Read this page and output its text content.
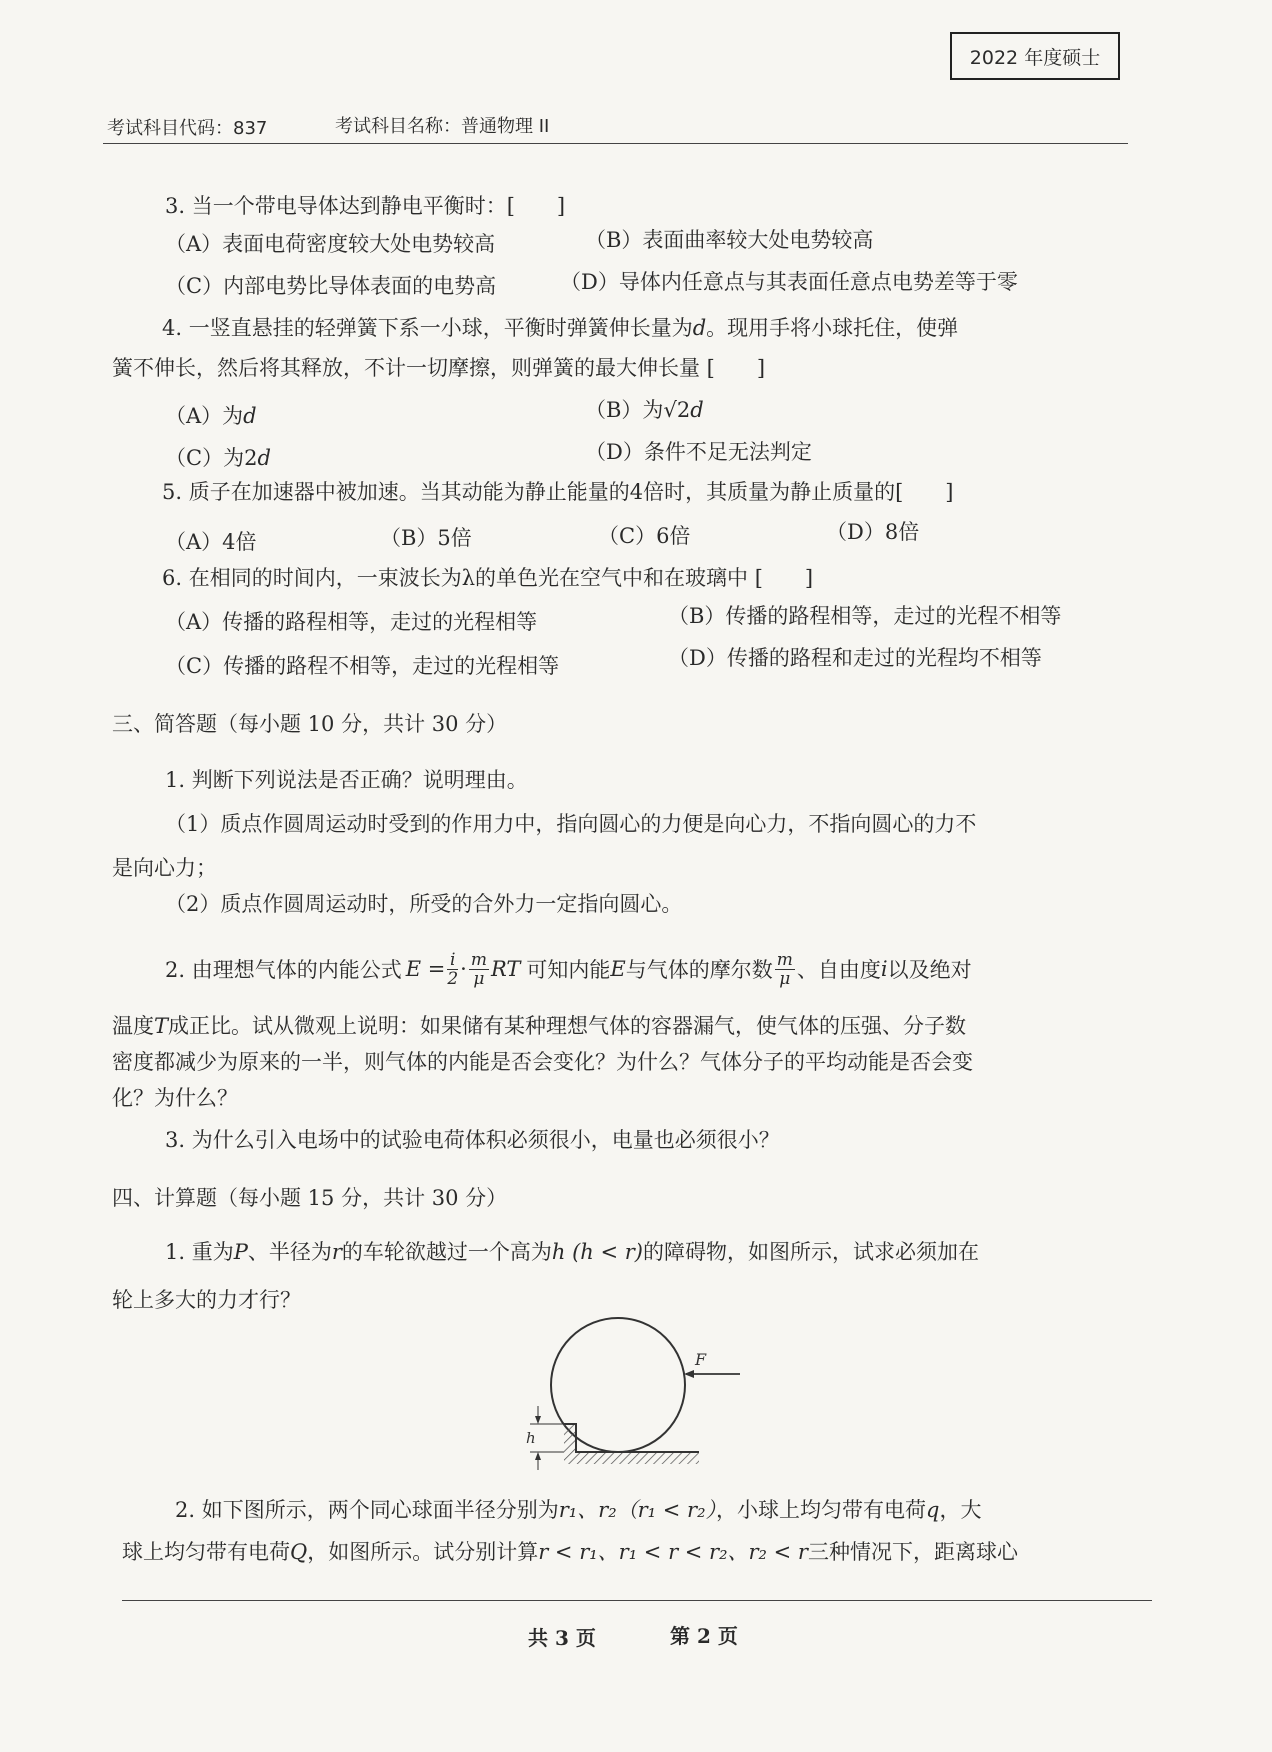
2022 年度硕士
考试科目代码：837	考试科目名称：普通物理 II
3. 当一个带电导体达到静电平衡时：[　　]
（A）表面电荷密度较大处电势较高	（B）表面曲率较大处电势较高
（C）内部电势比导体表面的电势高	（D）导体内任意点与其表面任意点电势差等于零
4. 一竖直悬挂的轻弹簧下系一小球，平衡时弹簧伸长量为d。现用手将小球托住，使弹
簧不伸长，然后将其释放，不计一切摩擦，则弹簧的最大伸长量 [　　]
（A）为d	（B）为√2d
（C）为2d	（D）条件不足无法判定
5. 质子在加速器中被加速。当其动能为静止能量的4倍时，其质量为静止质量的[　　]
（A）4倍	（B）5倍	（C）6倍	（D）8倍
6. 在相同的时间内，一束波长为λ的单色光在空气中和在玻璃中 [　　]
（A）传播的路程相等，走过的光程相等	（B）传播的路程相等，走过的光程不相等
（C）传播的路程不相等，走过的光程相等	（D）传播的路程和走过的光程均不相等
三、简答题（每小题 10 分，共计 30 分）
1. 判断下列说法是否正确？说明理由。
（1）质点作圆周运动时受到的作用力中，指向圆心的力便是向心力，不指向圆心的力不
是向心力；
（2）质点作圆周运动时，所受的合外力一定指向圆心。
2. 由理想气体的内能公式 $E = \frac{i}{2} \cdot \frac{m}{\mu}$ RT 可知内能 E 与气体的摩尔数 $\frac{m}{\mu}$ 、自由度 i 以及绝对
温度T成正比。试从微观上说明：如果储有某种理想气体的容器漏气，使气体的压强、分子数
密度都减少为原来的一半，则气体的内能是否会变化？为什么？气体分子的平均动能是否会变
化？为什么？
3. 为什么引入电场中的试验电荷体积必须很小，电量也必须很小？
四、计算题（每小题 15 分，共计 30 分）
1. 重为P、半径为r的车轮欲越过一个高为h (h < r)的障碍物，如图所示，试求必须加在
轮上多大的力才行？
F
h
2. 如下图所示，两个同心球面半径分别为r₁、r₂（r₁ < r₂），小球上均匀带有电荷q，大
球上均匀带有电荷Q，如图所示。试分别计算r < r₁、r₁ < r < r₂、r₂ < r三种情况下，距离球心
共 3 页	第 2 页
